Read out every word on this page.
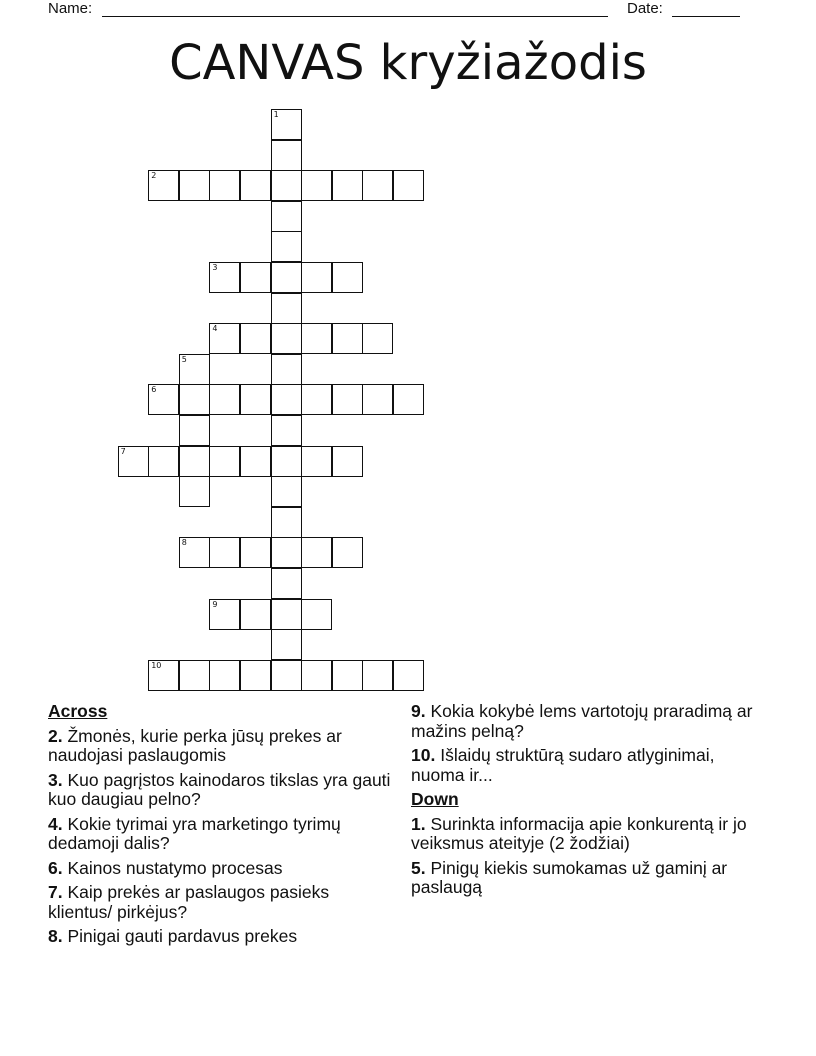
Name:	Date:
CANVAS kryžiažodis
1
2
3
4
5
6
7
8
9
10
Across
2. Žmonės, kurie perka jūsų prekes ar naudojasi paslaugomis
3. Kuo pagrįstos kainodaros tikslas yra gauti kuo daugiau pelno?
4. Kokie tyrimai yra marketingo tyrimų dedamoji dalis?
6. Kainos nustatymo procesas
7. Kaip prekės ar paslaugos pasieks klientus/ pirkėjus?
8. Pinigai gauti pardavus prekes
9. Kokia kokybė lems vartotojų praradimą ar mažins pelną?
10. Išlaidų struktūrą sudaro atlyginimai, nuoma ir...
Down
1. Surinkta informacija apie konkurentą ir jo veiksmus ateityje (2 žodžiai)
5. Pinigų kiekis sumokamas už gaminį ar paslaugą
